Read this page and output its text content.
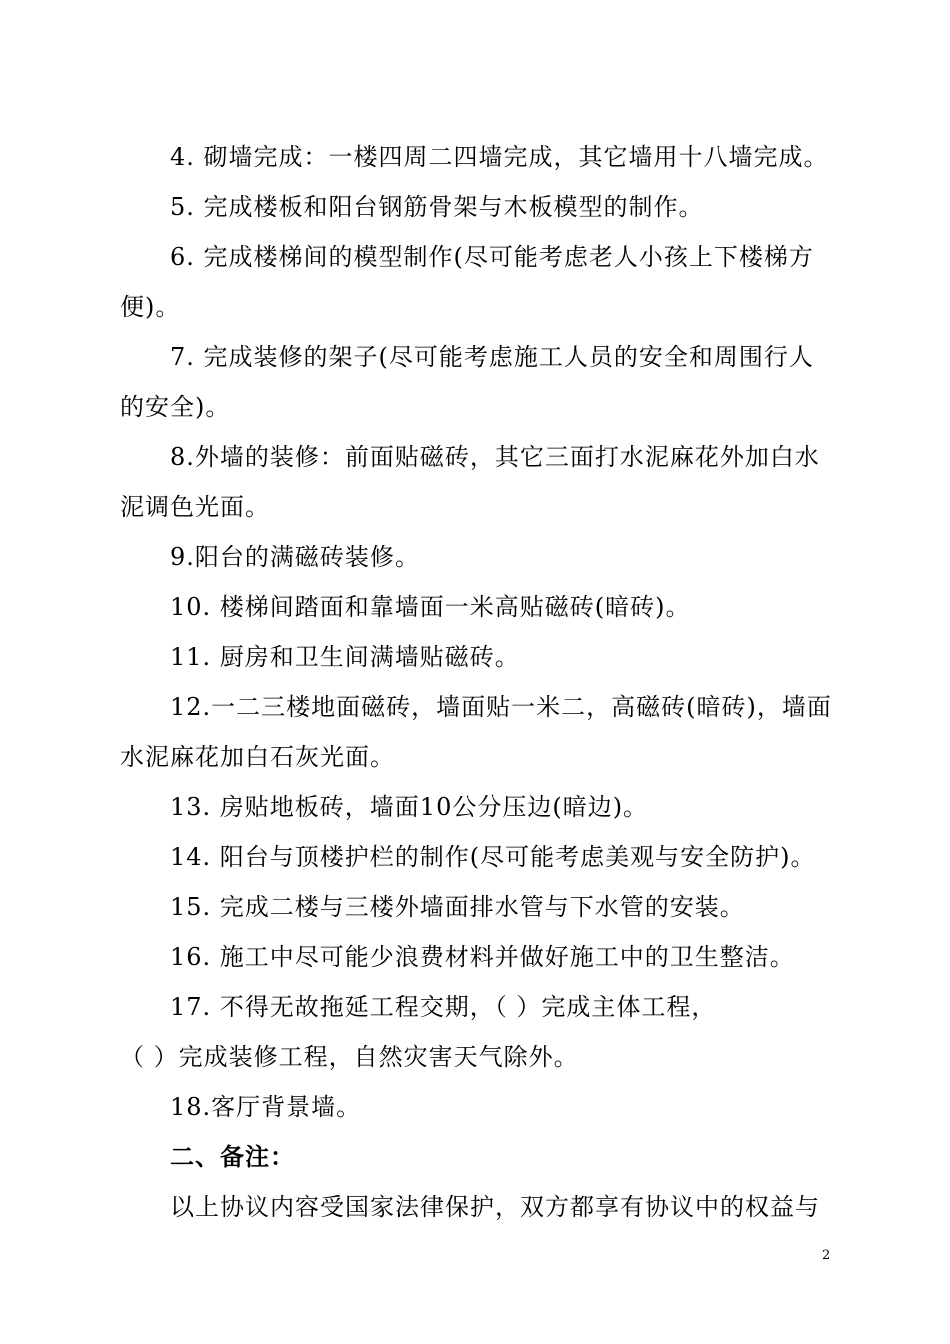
4. 砌墙完成：一楼四周二四墙完成，其它墙用十八墙完成。
5. 完成楼板和阳台钢筋骨架与木板模型的制作。
6. 完成楼梯间的模型制作(尽可能考虑老人小孩上下楼梯方
便)。
7. 完成装修的架子(尽可能考虑施工人员的安全和周围行人
的安全)。
8.外墙的装修：前面贴磁砖，其它三面打水泥麻花外加白水
泥调色光面。
9.阳台的满磁砖装修。
10. 楼梯间踏面和靠墙面一米高贴磁砖(暗砖)。
11. 厨房和卫生间满墙贴磁砖。
12.一二三楼地面磁砖，墙面贴一米二，高磁砖(暗砖)，墙面
水泥麻花加白石灰光面。
13. 房贴地板砖，墙面10公分压边(暗边)。
14. 阳台与顶楼护栏的制作(尽可能考虑美观与安全防护)。
15. 完成二楼与三楼外墙面排水管与下水管的安装。
16. 施工中尽可能少浪费材料并做好施工中的卫生整洁。
17. 不得无故拖延工程交期，（ ）完成主体工程，
（ ）完成装修工程，自然灾害天气除外。
18.客厅背景墙。
二、备注：
以上协议内容受国家法律保护，双方都享有协议中的权益与
2
